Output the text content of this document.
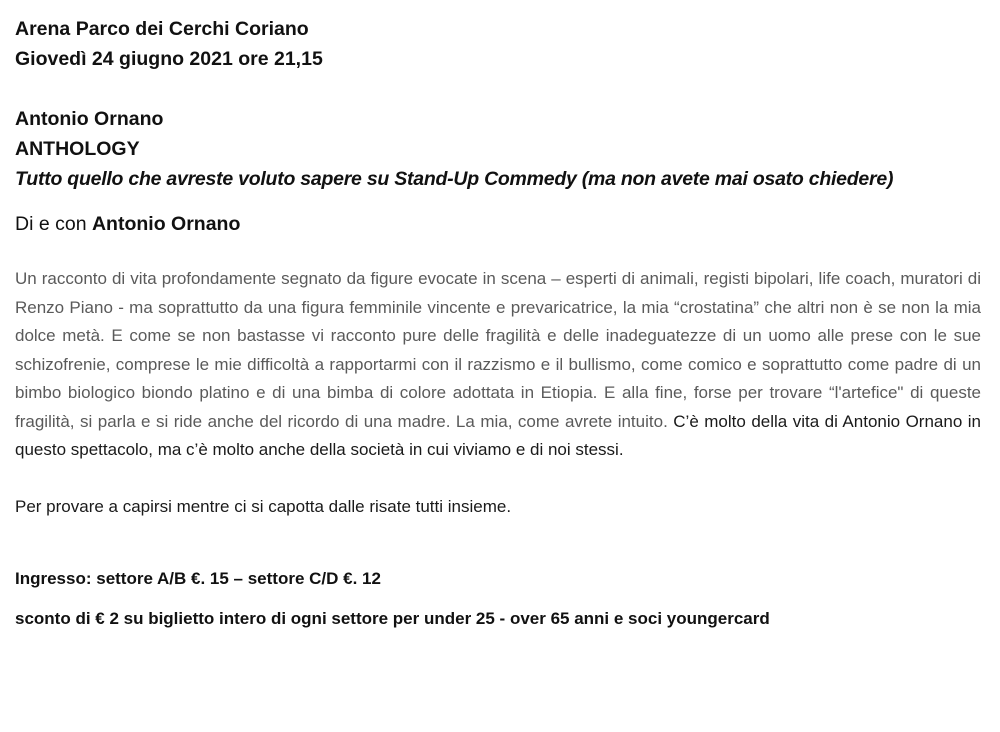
Arena Parco dei Cerchi Coriano

Giovedì 24 giugno 2021 ore 21,15

Antonio Ornano

ANTHOLOGY

Tutto quello che avreste voluto sapere su Stand-Up Commedy (ma non avete mai osato chiedere)

Di e con Antonio Ornano

Un racconto di vita profondamente segnato da figure evocate in scena – esperti di animali, registi bipolari, life coach, muratori di Renzo Piano - ma soprattutto da una figura femminile vincente e prevaricatrice, la mia “crostatina” che altri non è se non la mia dolce metà. E come se non bastasse vi racconto pure delle fragilità e delle inadeguatezze di un uomo alle prese con le sue schizofrenie, comprese le mie difficoltà a rapportarmi con il razzismo e il bullismo, come comico e soprattutto come padre di un bimbo biologico biondo platino e di una bimba di colore adottata in Etiopia. E alla fine, forse per trovare “l'artefice" di queste fragilità, si parla e si ride anche del ricordo di una madre. La mia, come avrete intuito. C’è molto della vita di Antonio Ornano in questo spettacolo, ma c’è molto anche della società in cui viviamo e di noi stessi.

Per provare a capirsi mentre ci si capotta dalle risate tutti insieme.

Ingresso: settore A/B €. 15 – settore C/D €. 12

sconto di € 2 su biglietto intero di ogni settore per under 25 - over 65 anni e soci youngercard
